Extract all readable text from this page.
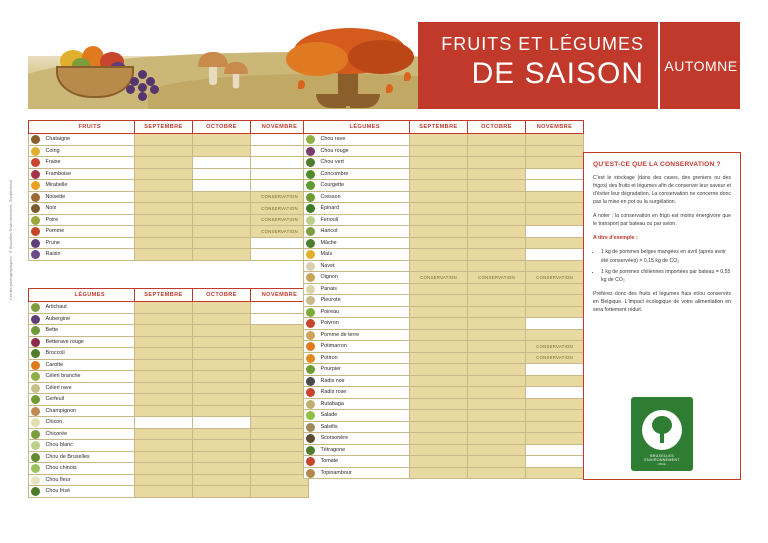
FRUITS ET LÉGUMES
DE SAISON	AUTOMNE
Crédits photographiques : © Bruxelles Environnement, Shutterstock
	FRUITS	SEPTEMBRE	OCTOBRE	NOVEMBRE

	Chataigne			

	Coing			

	Fraise			

	Framboise			

	Mirabelle			

	Noisette			CONSERVATION

	Noix			CONSERVATION

	Poire			CONSERVATION

	Pomme			CONSERVATION

	Prune			

	Raisin			
	LÉGUMES	SEPTEMBRE	OCTOBRE	NOVEMBRE

	Artichaut			

	Aubergine			

	Bette			

	Betterave rouge			

	Broccoli			

	Carotte			

	Céleri branche			

	Céleri rave			

	Cerfeuil			

	Champignon			

	Chicon			

	Chicorée			

	Chou blanc			

	Chou de Bruxelles			

	Chou chinois			

	Chou fleur			

	Chou frisé			
	LÉGUMES	SEPTEMBRE	OCTOBRE	NOVEMBRE

	Chou rave			

	Chou rouge			

	Chou vert			

	Concombre			

	Courgette			

	Cresson			

	Épinard			

	Fenouil			

	Haricot			

	Mâche			

	Maïs			

	Navet			

	Oignon	CONSERVATION	CONSERVATION	CONSERVATION

	Panais			

	Pleurote			

	Poireau			

	Poivron			

	Pomme de terre			

	Potimarron			CONSERVATION

	Potiron			CONSERVATION

	Pourpier			

	Radis noir			

	Radis rose			

	Rutabaga			

	Salade			

	Salsifis			

	Scorsonère			

	Tétragone			

	Tomate			

	Topinambour			
QU'EST-CE QUE LA CONSERVATION ?

C'est le stockage (dans des caves, des greniers ou des frigos) des fruits et légumes afin de conserver leur saveur et d'éviter leur dégradation. La conservation ne concerne donc pas la mise en pot ou la surgélation.

A noter : la conservation en frigo est moins énergivore que le transport par bateau ou par avion.

A titre d'exemple :

• 1 kg de pommes belges mangées en avril (après avoir été conservées) = 0,15 kg de CO₂
• 1 kg de pommes chiliennes importées par bateau = 0,55 kg de CO₂

Préférez donc des fruits et légumes frais et/ou conservés en Belgique. L'impact écologique de votre alimentation en sera fortement réduit.

BRUXELLES
ENVIRONNEMENT
- IBGE -
